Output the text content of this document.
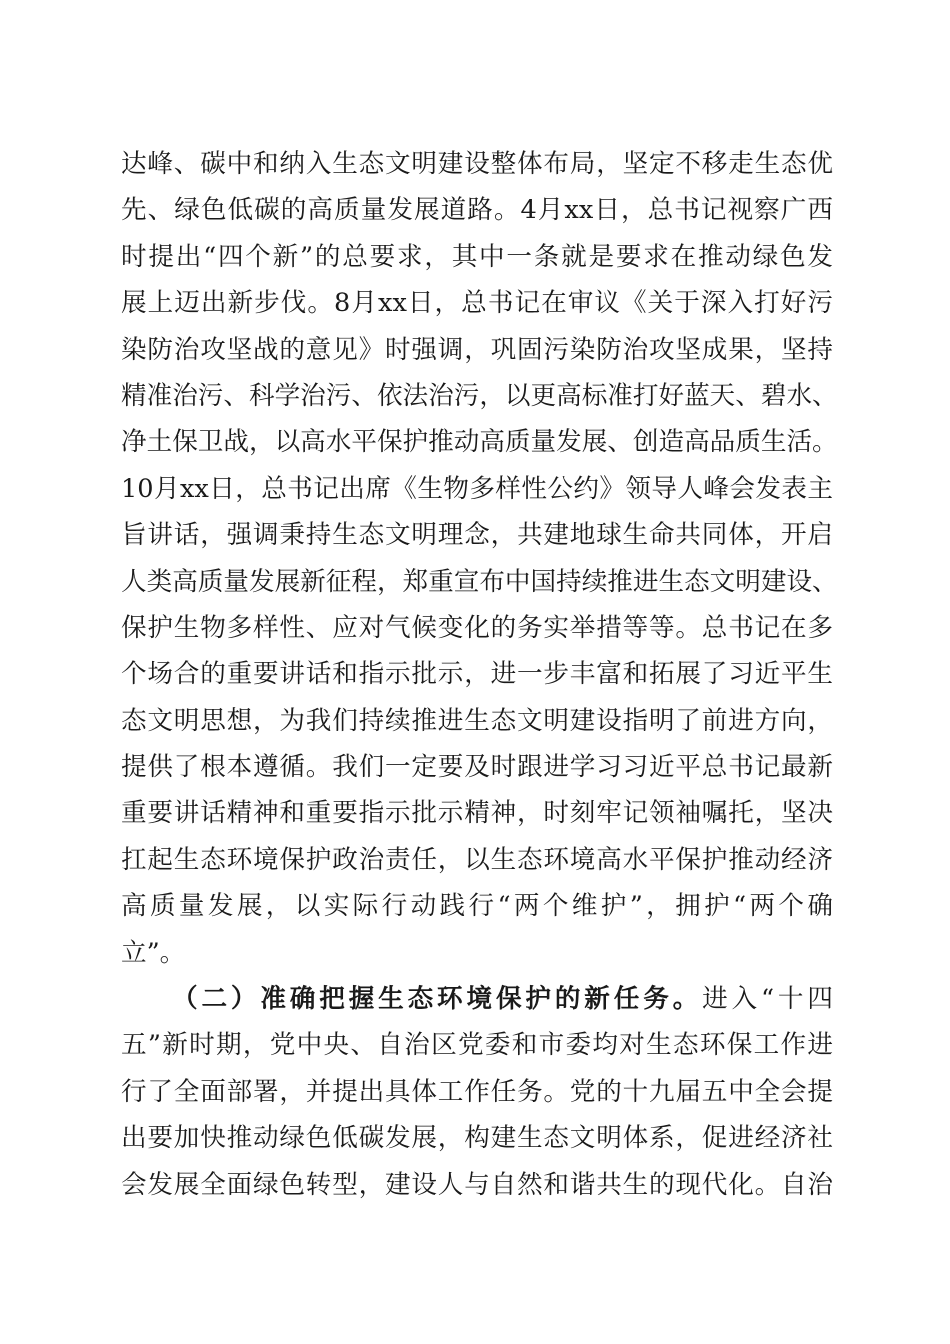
达峰、碳中和纳入生态文明建设整体布局，坚定不移走生态优
先、绿色低碳的高质量发展道路。4月xx日，总书记视察广西
时提出“四个新”的总要求，其中一条就是要求在推动绿色发
展上迈出新步伐。8月xx日，总书记在审议《关于深入打好污
染防治攻坚战的意见》时强调，巩固污染防治攻坚成果，坚持
精准治污、科学治污、依法治污，以更高标准打好蓝天、碧水、
净土保卫战，以高水平保护推动高质量发展、创造高品质生活。
10月xx日，总书记出席《生物多样性公约》领导人峰会发表主
旨讲话，强调秉持生态文明理念，共建地球生命共同体，开启
人类高质量发展新征程，郑重宣布中国持续推进生态文明建设、
保护生物多样性、应对气候变化的务实举措等等。总书记在多
个场合的重要讲话和指示批示，进一步丰富和拓展了习近平生
态文明思想，为我们持续推进生态文明建设指明了前进方向，
提供了根本遵循。我们一定要及时跟进学习习近平总书记最新
重要讲话精神和重要指示批示精神，时刻牢记领袖嘱托，坚决
扛起生态环境保护政治责任，以生态环境高水平保护推动经济
高质量发展，以实际行动践行“两个维护”，拥护“两个确
立”。
（二）准确把握生态环境保护的新任务。进入“十四
五”新时期，党中央、自治区党委和市委均对生态环保工作进
行了全面部署，并提出具体工作任务。党的十九届五中全会提
出要加快推动绿色低碳发展，构建生态文明体系，促进经济社
会发展全面绿色转型，建设人与自然和谐共生的现代化。自治
